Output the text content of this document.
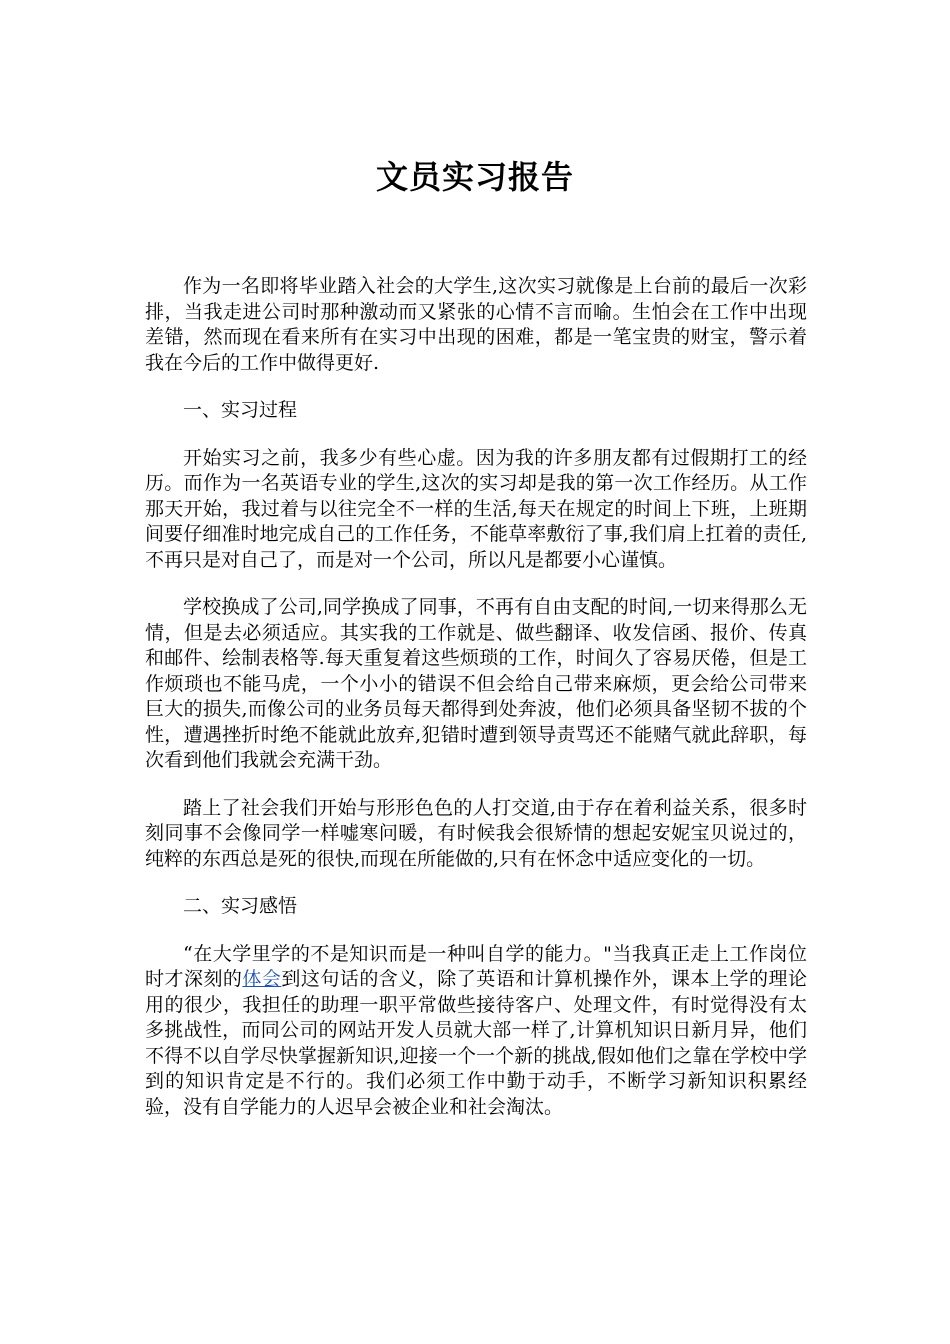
文员实习报告

作为一名即将毕业踏入社会的大学生,这次实习就像是上台前的最后一次彩排，当我走进公司时那种激动而又紧张的心情不言而喻。生怕会在工作中出现差错，然而现在看来所有在实习中出现的困难，都是一笔宝贵的财宝，警示着我在今后的工作中做得更好.

一、实习过程

开始实习之前，我多少有些心虚。因为我的许多朋友都有过假期打工的经历。而作为一名英语专业的学生,这次的实习却是我的第一次工作经历。从工作那天开始，我过着与以往完全不一样的生活,每天在规定的时间上下班，上班期间要仔细准时地完成自己的工作任务，不能草率敷衍了事,我们肩上扛着的责任,不再只是对自己了，而是对一个公司，所以凡是都要小心谨慎。

学校换成了公司,同学换成了同事，不再有自由支配的时间,一切来得那么无情，但是去必须适应。其实我的工作就是、做些翻译、收发信函、报价、传真和邮件、绘制表格等.每天重复着这些烦琐的工作，时间久了容易厌倦，但是工作烦琐也不能马虎，一个小小的错误不但会给自己带来麻烦，更会给公司带来巨大的损失,而像公司的业务员每天都得到处奔波，他们必须具备坚韧不拔的个性，遭遇挫折时绝不能就此放弃,犯错时遭到领导责骂还不能赌气就此辞职，每次看到他们我就会充满干劲。

踏上了社会我们开始与形形色色的人打交道,由于存在着利益关系，很多时刻同事不会像同学一样嘘寒问暖，有时候我会很矫情的想起安妮宝贝说过的，纯粹的东西总是死的很快,而现在所能做的,只有在怀念中适应变化的一切。

二、实习感悟

“在大学里学的不是知识而是一种叫自学的能力。"当我真正走上工作岗位时才深刻的体会到这句话的含义，除了英语和计算机操作外，课本上学的理论用的很少，我担任的助理一职平常做些接待客户、处理文件，有时觉得没有太多挑战性，而同公司的网站开发人员就大部一样了,计算机知识日新月异，他们不得不以自学尽快掌握新知识,迎接一个一个新的挑战,假如他们之靠在学校中学到的知识肯定是不行的。我们必须工作中勤于动手，不断学习新知识积累经验，没有自学能力的人迟早会被企业和社会淘汰。
